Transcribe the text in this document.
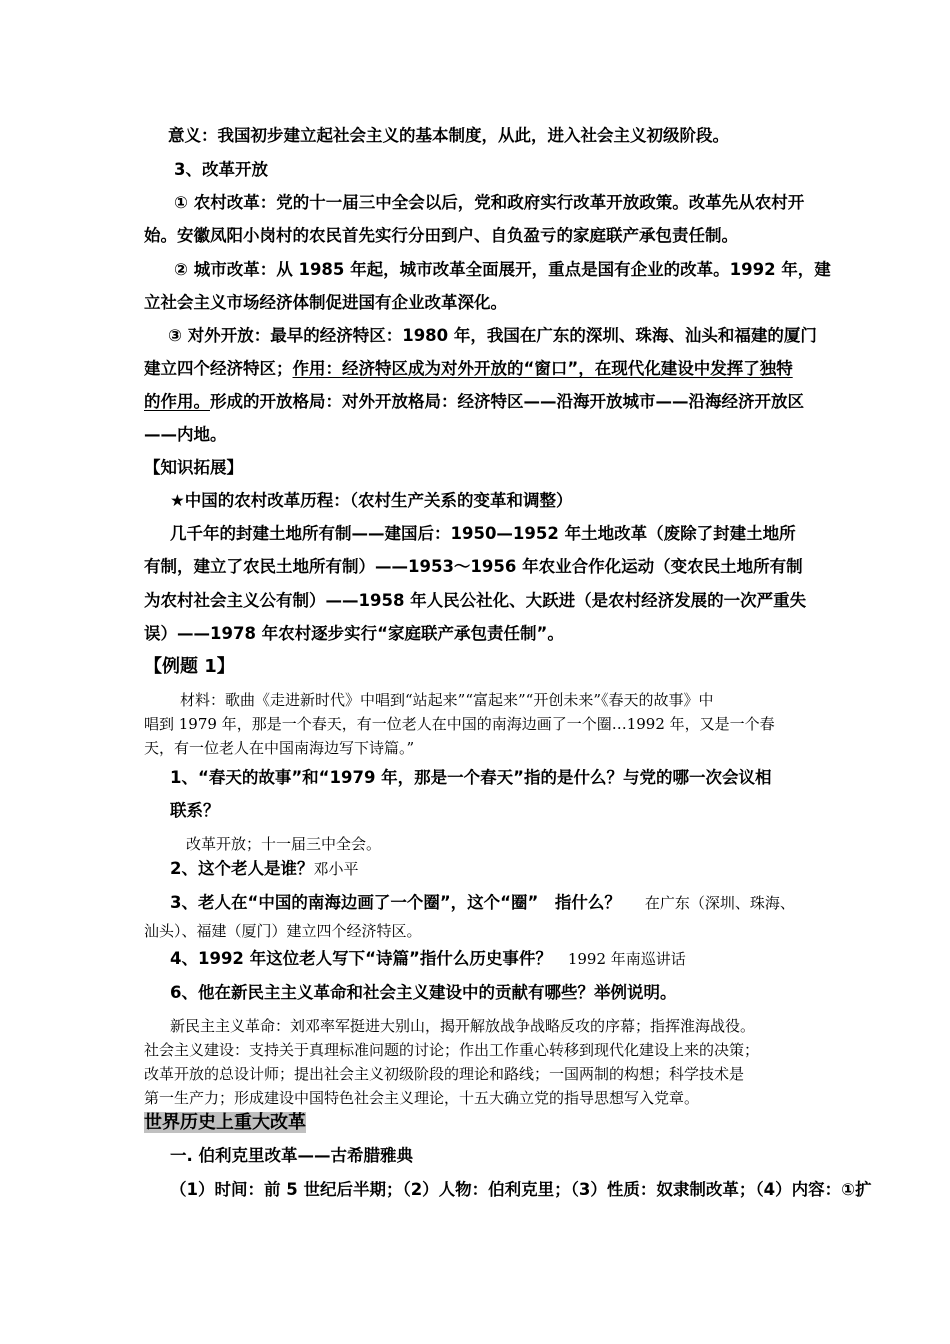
意义：我国初步建立起社会主义的基本制度，从此，进入社会主义初级阶段。
3、改革开放
① 农村改革：党的十一届三中全会以后，党和政府实行改革开放政策。改革先从农村开
始。安徽凤阳小岗村的农民首先实行分田到户、自负盈亏的家庭联产承包责任制。
② 城市改革：从 1985 年起，城市改革全面展开，重点是国有企业的改革。1992 年，建
立社会主义市场经济体制促进国有企业改革深化。
③ 对外开放：最早的经济特区：1980 年，我国在广东的深圳、珠海、汕头和福建的厦门
建立四个经济特区；作用：经济特区成为对外开放的“窗口”，在现代化建设中发挥了独特
的作用。形成的开放格局：对外开放格局：经济特区——沿海开放城市——沿海经济开放区
——内地。
【知识拓展】
★中国的农村改革历程：（农村生产关系的变革和调整）
几千年的封建土地所有制——建国后：1950—1952 年土地改革（废除了封建土地所
有制，建立了农民土地所有制）——1953～1956 年农业合作化运动（变农民土地所有制
为农村社会主义公有制）——1958 年人民公社化、大跃进（是农村经济发展的一次严重失
误）——1978 年农村逐步实行“家庭联产承包责任制”。
【例题 1】
材料：歌曲《走进新时代》中唱到“站起来”“富起来”“开创未来”《春天的故事》中
唱到 1979 年，那是一个春天，有一位老人在中国的南海边画了一个圈…1992 年，又是一个春
天，有一位老人在中国南海边写下诗篇。”
1、“春天的故事”和“1979 年，那是一个春天”指的是什么？与党的哪一次会议相
联系？
改革开放；十一届三中全会。
2、这个老人是谁？邓小平
3、老人在“中国的南海边画了一个圈”，这个“圈”　指什么？ 在广东（深圳、珠海、
汕头）、福建（厦门）建立四个经济特区。
4、1992 年这位老人写下“诗篇”指什么历史事件？ 1992 年南巡讲话
6、他在新民主主义革命和社会主义建设中的贡献有哪些？举例说明。
新民主主义革命：刘邓率军挺进大别山，揭开解放战争战略反攻的序幕；指挥淮海战役。
社会主义建设：支持关于真理标准问题的讨论；作出工作重心转移到现代化建设上来的决策；
改革开放的总设计师；提出社会主义初级阶段的理论和路线；一国两制的构想；科学技术是
第一生产力；形成建设中国特色社会主义理论，十五大确立党的指导思想写入党章。
世界历史上重大改革
一. 伯利克里改革——古希腊雅典
（1）时间：前 5 世纪后半期；（2）人物：伯利克里；（3）性质：奴隶制改革；（4）内容：①扩
